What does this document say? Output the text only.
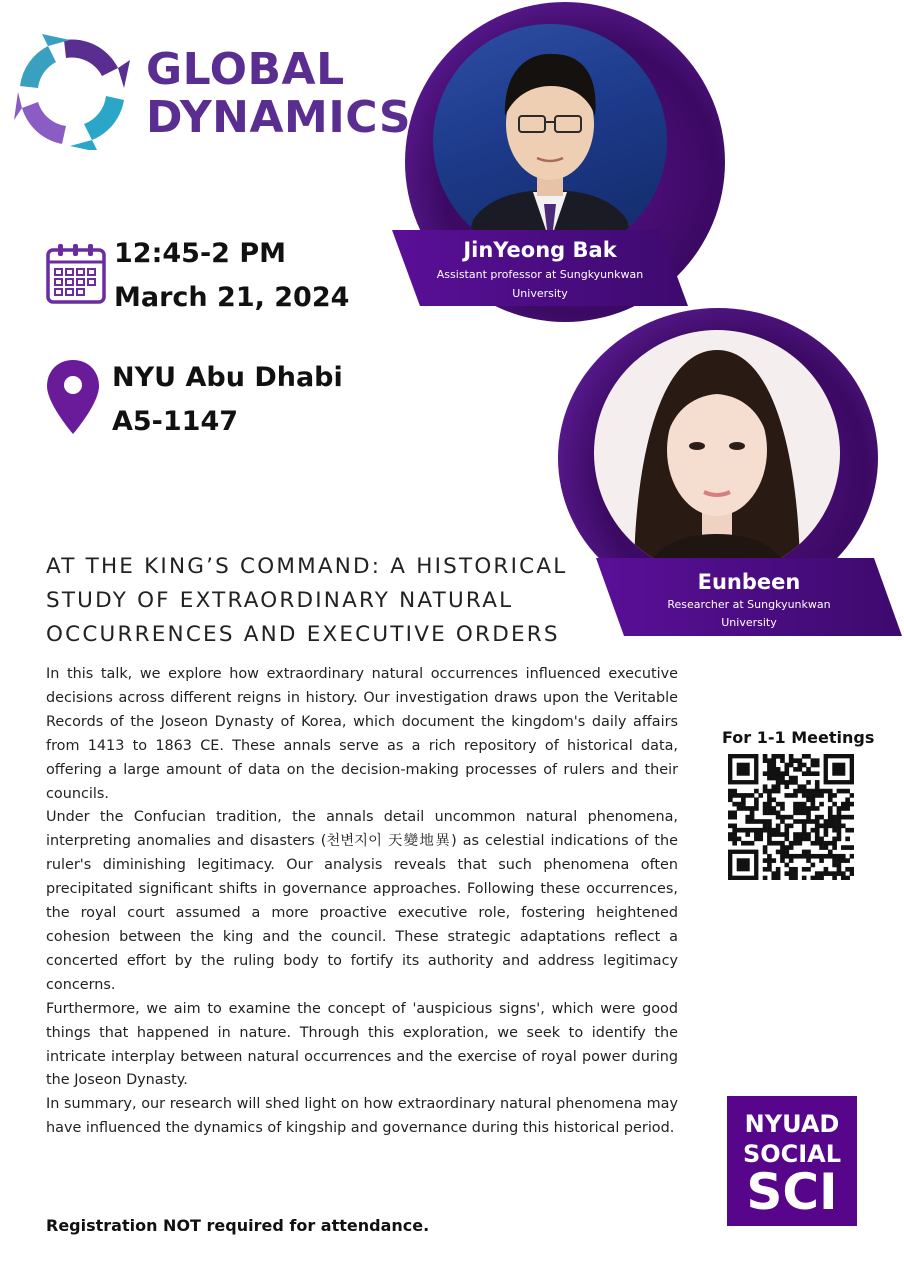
GLOBAL
DYNAMICS
12:45-2 PM
March 21, 2024
NYU Abu Dhabi
A5-1147
JinYeong Bak
Assistant professor at Sungkyunkwan
University
Eunbeen
Researcher at Sungkyunkwan
University
AT THE KING’S COMMAND: A HISTORICAL
STUDY OF EXTRAORDINARY NATURAL
OCCURRENCES AND EXECUTIVE ORDERS

In this talk, we explore how extraordinary natural occurrences influenced executive decisions across different reigns in history. Our investigation draws upon the Veritable Records of the Joseon Dynasty of Korea, which document the kingdom's daily affairs from 1413 to 1863 CE. These annals serve as a rich repository of historical data, offering a large amount of data on the decision-making processes of rulers and their councils.

Under the Confucian tradition, the annals detail uncommon natural phenomena, interpreting anomalies and disasters (천변지이 天變地異) as celestial indications of the ruler's diminishing legitimacy. Our analysis reveals that such phenomena often precipitated significant shifts in governance approaches. Following these occurrences, the royal court assumed a more proactive executive role, fostering heightened cohesion between the king and the council. These strategic adaptations reflect a concerted effort by the ruling body to fortify its authority and address legitimacy concerns.

Furthermore, we aim to examine the concept of 'auspicious signs', which were good things that happened in nature. Through this exploration, we seek to identify the intricate interplay between natural occurrences and the exercise of royal power during the Joseon Dynasty.

In summary, our research will shed light on how extraordinary natural phenomena may have influenced the dynamics of kingship and governance during this historical period.

For 1-1 Meetings
NYUAD
SOCIAL
SCI
Registration NOT required for attendance.
